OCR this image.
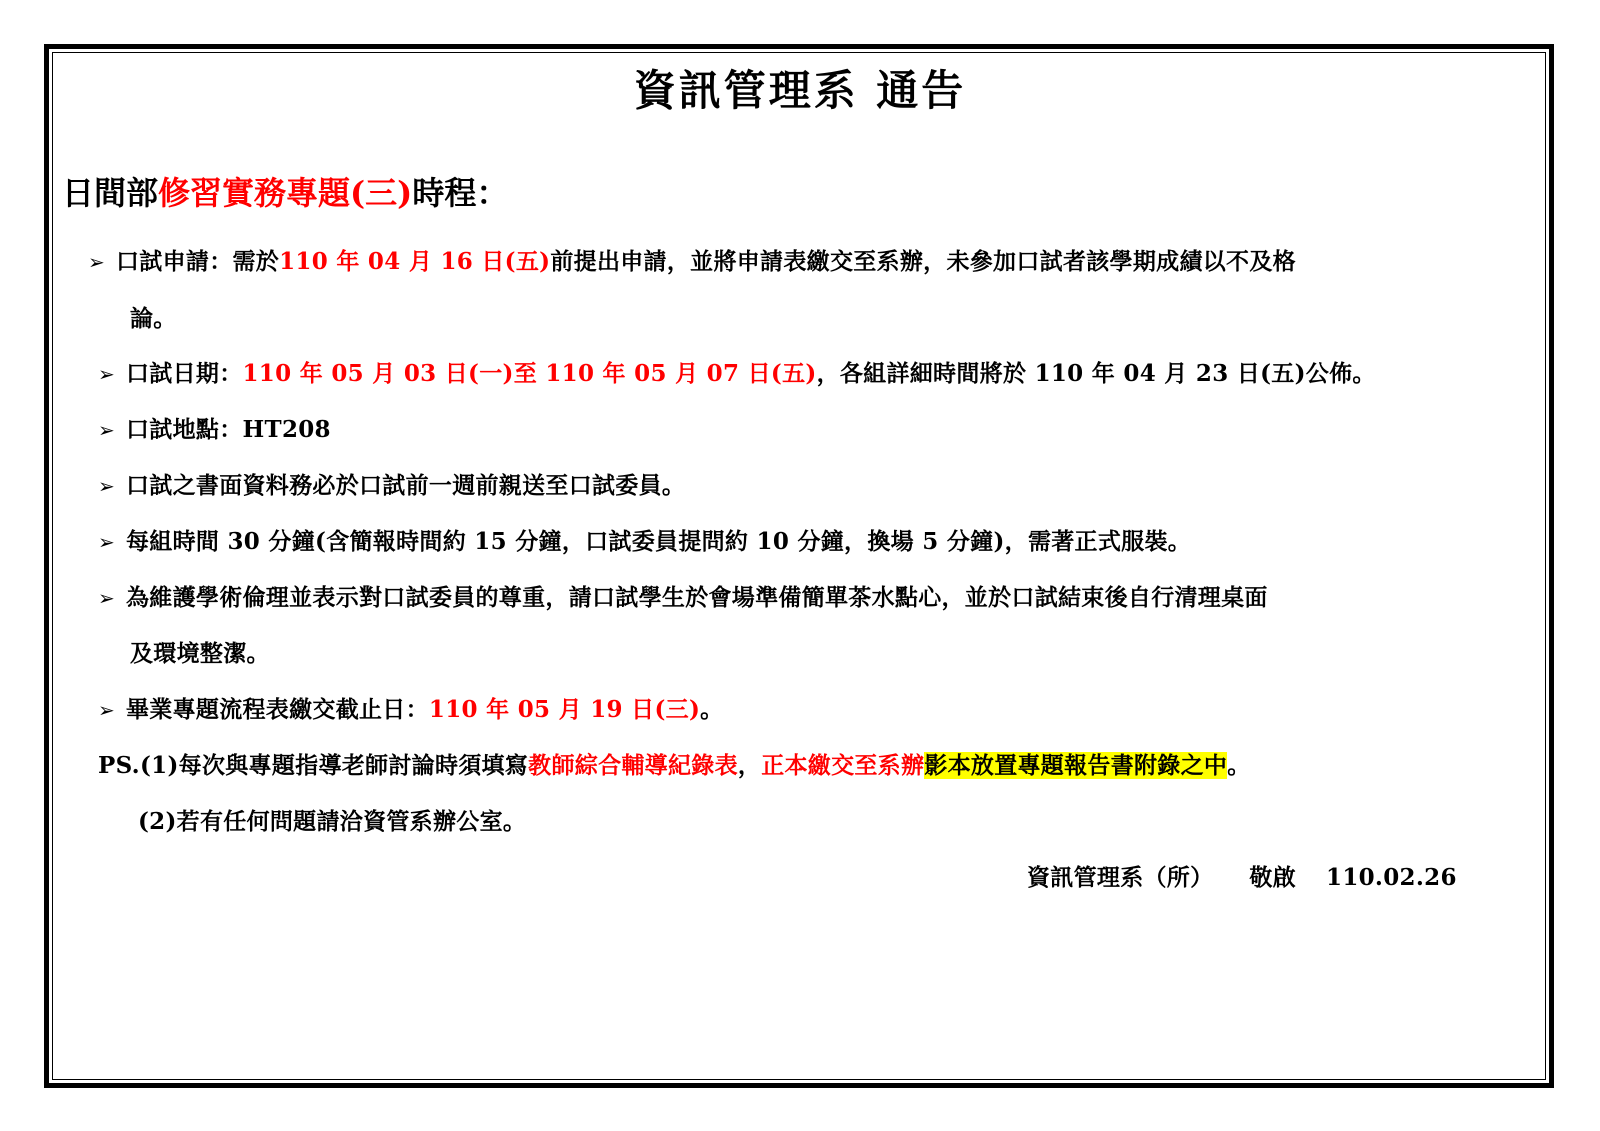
資訊管理系 通告
日間部修習實務專題(三)時程：
➢ 口試申請：需於110 年 04 月 16 日(五)前提出申請，並將申請表繳交至系辦，未參加口試者該學期成績以不及格
論。
➢ 口試日期：110 年 05 月 03 日(一)至 110 年 05 月 07 日(五)，各組詳細時間將於 110 年 04 月 23 日(五)公佈。
➢ 口試地點：HT208
➢ 口試之書面資料務必於口試前一週前親送至口試委員。
➢ 每組時間 30 分鐘(含簡報時間約 15 分鐘，口試委員提問約 10 分鐘，換場 5 分鐘)，需著正式服裝。
➢ 為維護學術倫理並表示對口試委員的尊重，請口試學生於會場準備簡單茶水點心，並於口試結束後自行清理桌面
及環境整潔。
➢ 畢業專題流程表繳交截止日：110 年 05 月 19 日(三)。
PS.(1)每次與專題指導老師討論時須填寫教師綜合輔導紀錄表，正本繳交至系辦影本放置專題報告書附錄之中。
(2)若有任何問題請洽資管系辦公室。
資訊管理系（所） 敬啟 110.02.26
